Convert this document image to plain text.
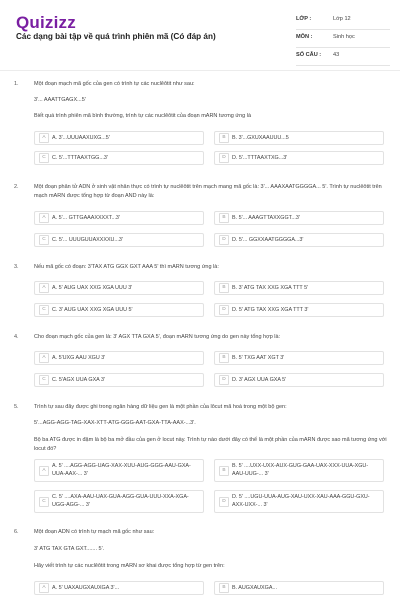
Quizizz
Các dạng bài tập về quá trình phiên mã (Có đáp án)
LỚP :	Lớp 12
MÔN :	Sinh học
SỐ CÂU : 43
1.	Một đoạn mạch mã gốc của gen có trình tự các nuclêôtit như sau:
3'... AAATTGAGX...5'
Biết quá trình phiên mã bình thường, trình tự các nuclêôtit của đoạn mARN tương ứng là
A	A. 3'...UUUAAXUXG...5'	B	B. 3'...GXUXAAUUU...5
C	C. 5'...TTTAAXTGG...3'	D	D. 5'...TTTAAXTXG...3'
2.	Một đoạn phân tử ADN ở sinh vật nhân thực có trình tự nuclêôtit trên mạch mang mã gốc là: 3'... AAAXAATGGGGA... 5'. Trình tự nuclêôtit trên mạch mARN được tổng hợp từ đoạn AND này là:
A	A. 5'... GTTGAAAXXXXT...3'	B	B. 5'... AAAGTTAXXGGT...3'
C	C. 5'... UUUGUUAXXXXU...3'	D	D. 5'... GGXXAATGGGGA...3'
3.	Nếu mã gốc có đoạn: 3'TAX ATG GGX GXT AAA 5' thì mARN tương ứng là:
A	A. 5' AUG UAX XXG XGA UUU 3'	B	B. 3' ATG TAX XXG XGA TTT 5'
C	C. 3' AUG UAX XXG XGA UUU 5'	D	D. 5' ATG TAX XXG XGA TTT 3'
4.	Cho đoạn mạch gốc của gen là: 3' AGX TTA GXA 5', đoạn mARN tương ứng do gen này tổng hợp là:
A	A. 5'UXG AAU XGU 3'	B	B. 5' TXG AAT XGT 3'
C	C. 5'AGX UUA GXA 3'	D	D. 3' AGX UUA GXA 5'
5.	Trình tự sau đây được ghi trong ngân hàng dữ liệu gen là một phần của lôcut mã hoá trong một bộ gen:
5'...AGG-AGG-TAG-XAX-XTT-ATG-GGG-AAT-GXA-TTA-AAX-...3'.
Bộ ba ATG được in đậm là bộ ba mở đầu của gen ở locut này. Trình tự nào dưới đây có thể là một phần của mARN được sao mã tương ứng với locut đó?
A
A. 5' ....AGG-AGG-UAG-XAX-XUU-AUG-GGG-AAU-GXA-UUA-AAX-... 3'
B
B. 5' ....UXX-UXX-AUX-GUG-GAA-UAX-XXX-UUA-XGU-AAU-UUG-... 3'
C
C. 5' ....AXA-AAU-UAX-GUA-AGG-GUA-UUU-XXA-XGA-UGG-AGG-... 3'
D
D. 5' ....UGU-UUA-AUG-XAU-UXX-XAU-AAA-GGU-GXU-AXX-UXX-... 3'
6.	Một đoạn ADN có trình tự mạch mã gốc như sau:
3' ATG TAX GTA GXT....... 5'.
Hãy viết trình tự các nuclêôtit trong mARN sơ khai được tổng hợp từ gen trên:
A	A. 5' UAXAUGXAUXGA 3'...	B	B. AUGXAUXGA...
